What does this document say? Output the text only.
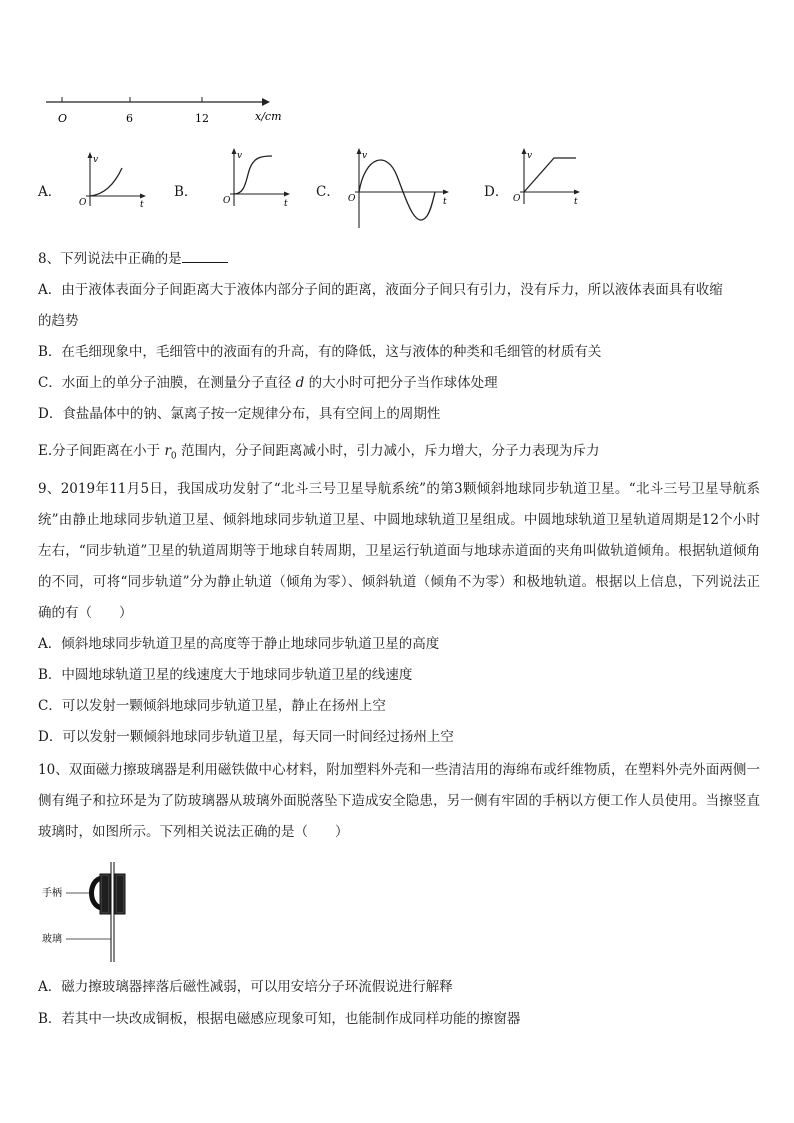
O	6	12	x/cm
A．
v
t
O
B．
v
t
O
C．
v
t
O	D．
v
t
O
8、下列说法中正确的是
A．由于液体表面分子间距离大于液体内部分子间的距离，液面分子间只有引力，没有斥力，所以液体表面具有收缩
的趋势
B．在毛细现象中，毛细管中的液面有的升高，有的降低，这与液体的种类和毛细管的材质有关
C．水面上的单分子油膜，在测量分子直径 d 的大小时可把分子当作球体处理
D．食盐晶体中的钠、氯离子按一定规律分布，具有空间上的周期性
E.分子间距离在小于 $r_0$ 范围内，分子间距离减小时，引力减小，斥力增大，分子力表现为斥力
9、2019年11月5日，我国成功发射了“北斗三号卫星导航系统”的第3颗倾斜地球同步轨道卫星。“北斗三号卫星导航系统”由静止地球同步轨道卫星、倾斜地球同步轨道卫星、中圆地球轨道卫星组成。中圆地球轨道卫星轨道周期是12个小时左右，“同步轨道”卫星的轨道周期等于地球自转周期，卫星运行轨道面与地球赤道面的夹角叫做轨道倾角。根据轨道倾角的不同，可将“同步轨道”分为静止轨道（倾角为零）、倾斜轨道（倾角不为零）和极地轨道。根据以上信息，下列说法正确的有（　　）
A．倾斜地球同步轨道卫星的高度等于静止地球同步轨道卫星的高度
B．中圆地球轨道卫星的线速度大于地球同步轨道卫星的线速度
C．可以发射一颗倾斜地球同步轨道卫星，静止在扬州上空
D．可以发射一颗倾斜地球同步轨道卫星，每天同一时间经过扬州上空
10、双面磁力擦玻璃器是利用磁铁做中心材料，附加塑料外壳和一些清洁用的海绵布或纤维物质，在塑料外壳外面两侧一侧有绳子和拉环是为了防玻璃器从玻璃外面脱落坠下造成安全隐患，另一侧有牢固的手柄以方便工作人员使用。当擦竖直玻璃时，如图所示。下列相关说法正确的是（　　）
手柄
玻璃
A．磁力擦玻璃器摔落后磁性减弱，可以用安培分子环流假说进行解释
B．若其中一块改成铜板，根据电磁感应现象可知，也能制作成同样功能的擦窗器
